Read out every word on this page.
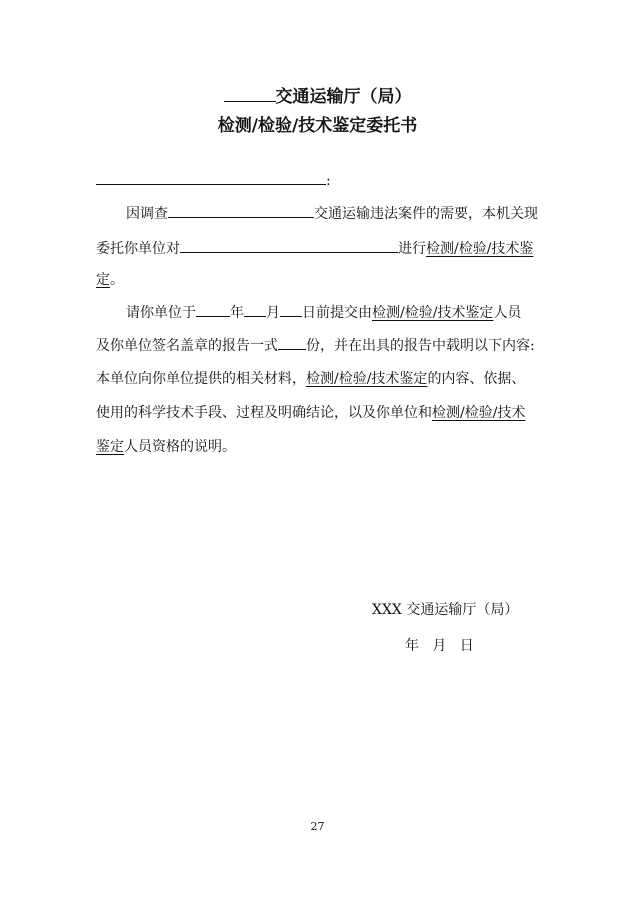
交通运输厅（局）
检测/检验/技术鉴定委托书
:
因调查	交通运输违法案件的需要，本机关现
委托你单位对	进行检测/检验/技术鉴
定。
请你单位于 年 月 日前提交由检测/检验/技术鉴定人员
及你单位签名盖章的报告一式 份，并在出具的报告中载明以下内容:
本单位向你单位提供的相关材料，检测/检验/技术鉴定的内容、依据、
使用的科学技术手段、过程及明确结论，以及你单位和检测/检验/技术
鉴定人员资格的说明。
XXX 交通运输厅（局）
年   月   日
27
